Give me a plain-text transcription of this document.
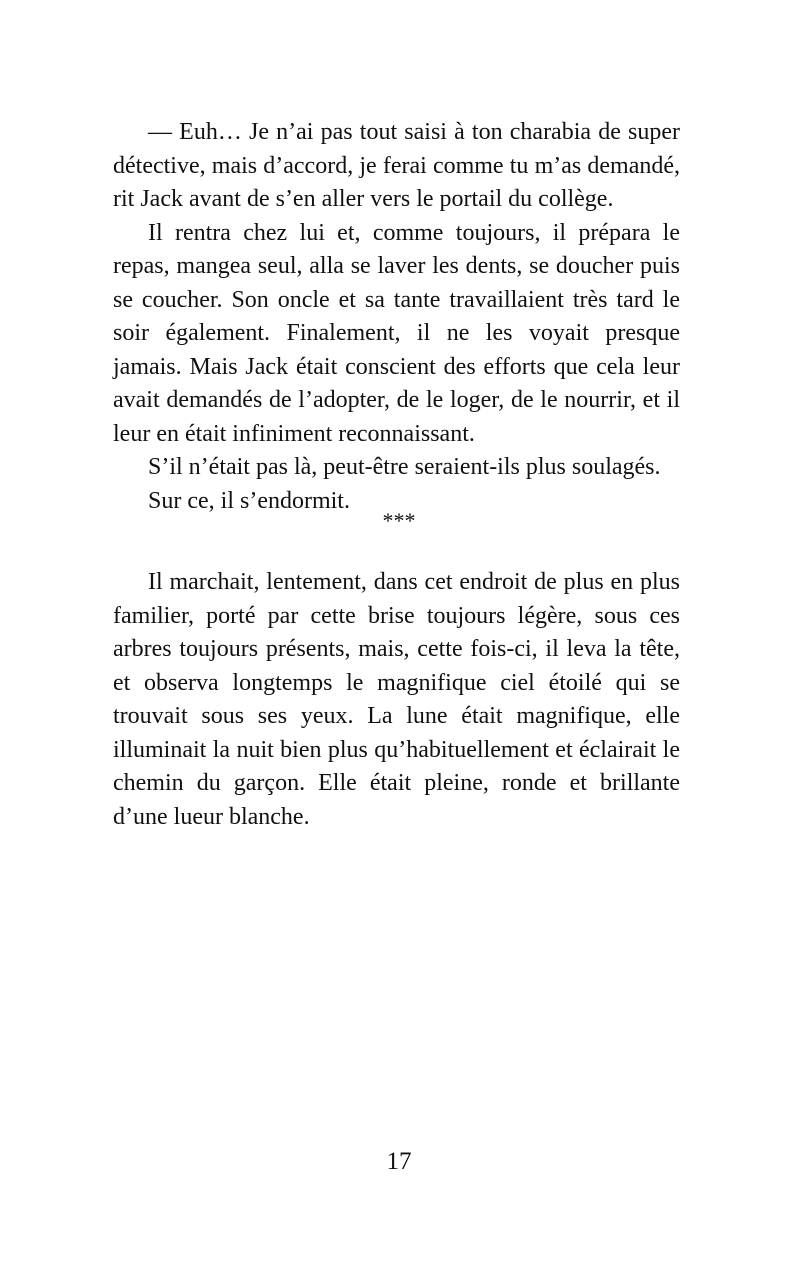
— Euh… Je n’ai pas tout saisi à ton charabia de super détective, mais d’accord, je ferai comme tu m’as demandé, rit Jack avant de s’en aller vers le portail du collège.

Il rentra chez lui et, comme toujours, il prépara le repas, mangea seul, alla se laver les dents, se doucher puis se coucher. Son oncle et sa tante travaillaient très tard le soir également. Finalement, il ne les voyait presque jamais. Mais Jack était conscient des efforts que cela leur avait demandés de l’adopter, de le loger, de le nourrir, et il leur en était infiniment reconnaissant.

S’il n’était pas là, peut-être seraient-ils plus soulagés.

Sur ce, il s’endormit.

***

Il marchait, lentement, dans cet endroit de plus en plus familier, porté par cette brise toujours légère, sous ces arbres toujours présents, mais, cette fois-ci, il leva la tête, et observa longtemps le magnifique ciel étoilé qui se trouvait sous ses yeux. La lune était magnifique, elle illuminait la nuit bien plus qu’habituellement et éclairait le chemin du garçon. Elle était pleine, ronde et brillante d’une lueur blanche.

17
